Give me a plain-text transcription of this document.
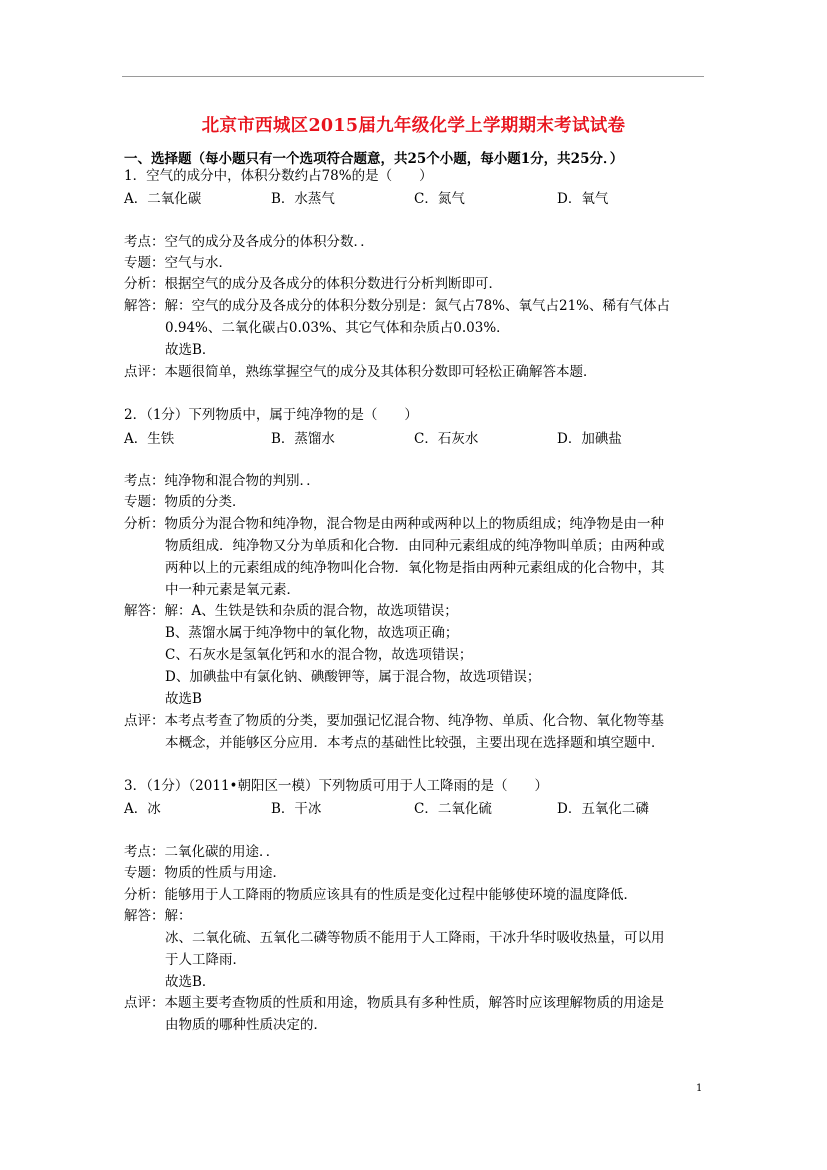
北京市西城区2015届九年级化学上学期期末考试试卷
一、选择题（每小题只有一个选项符合题意，共25个小题，每小题1分，共25分．）
1．空气的成分中，体积分数约占78%的是（　　）
A．二氧化碳	B．水蒸气	C．氮气	D．氧气
考点：空气的成分及各成分的体积分数．．
专题：空气与水．
分析：根据空气的成分及各成分的体积分数进行分析判断即可．
解答：解：空气的成分及各成分的体积分数分别是：氮气占78%、氧气占21%、稀有气体占
0.94%、二氧化碳占0.03%、其它气体和杂质占0.03%．
故选B．
点评：本题很简单，熟练掌握空气的成分及其体积分数即可轻松正确解答本题．
2．（1分）下列物质中，属于纯净物的是（　　）
A．生铁	B．蒸馏水	C．石灰水	D．加碘盐
考点：纯净物和混合物的判别．．
专题：物质的分类．
分析：物质分为混合物和纯净物，混合物是由两种或两种以上的物质组成；纯净物是由一种
物质组成．纯净物又分为单质和化合物．由同种元素组成的纯净物叫单质；由两种或
两种以上的元素组成的纯净物叫化合物．氧化物是指由两种元素组成的化合物中，其
中一种元素是氧元素．
解答：解：A、生铁是铁和杂质的混合物，故选项错误；
B、蒸馏水属于纯净物中的氧化物，故选项正确；
C、石灰水是氢氧化钙和水的混合物，故选项错误；
D、加碘盐中有氯化钠、碘酸钾等，属于混合物，故选项错误；
故选B
点评：本考点考查了物质的分类，要加强记忆混合物、纯净物、单质、化合物、氧化物等基
本概念，并能够区分应用．本考点的基础性比较强，主要出现在选择题和填空题中．
3．（1分）（2011•朝阳区一模）下列物质可用于人工降雨的是（　　）
A．冰	B．干冰	C．二氧化硫	D．五氧化二磷
考点：二氧化碳的用途．．
专题：物质的性质与用途．
分析：能够用于人工降雨的物质应该具有的性质是变化过程中能够使环境的温度降低．
解答：解：
冰、二氧化硫、五氧化二磷等物质不能用于人工降雨，干冰升华时吸收热量，可以用
于人工降雨．
故选B．
点评：本题主要考查物质的性质和用途，物质具有多种性质，解答时应该理解物质的用途是
由物质的哪种性质决定的．
1
